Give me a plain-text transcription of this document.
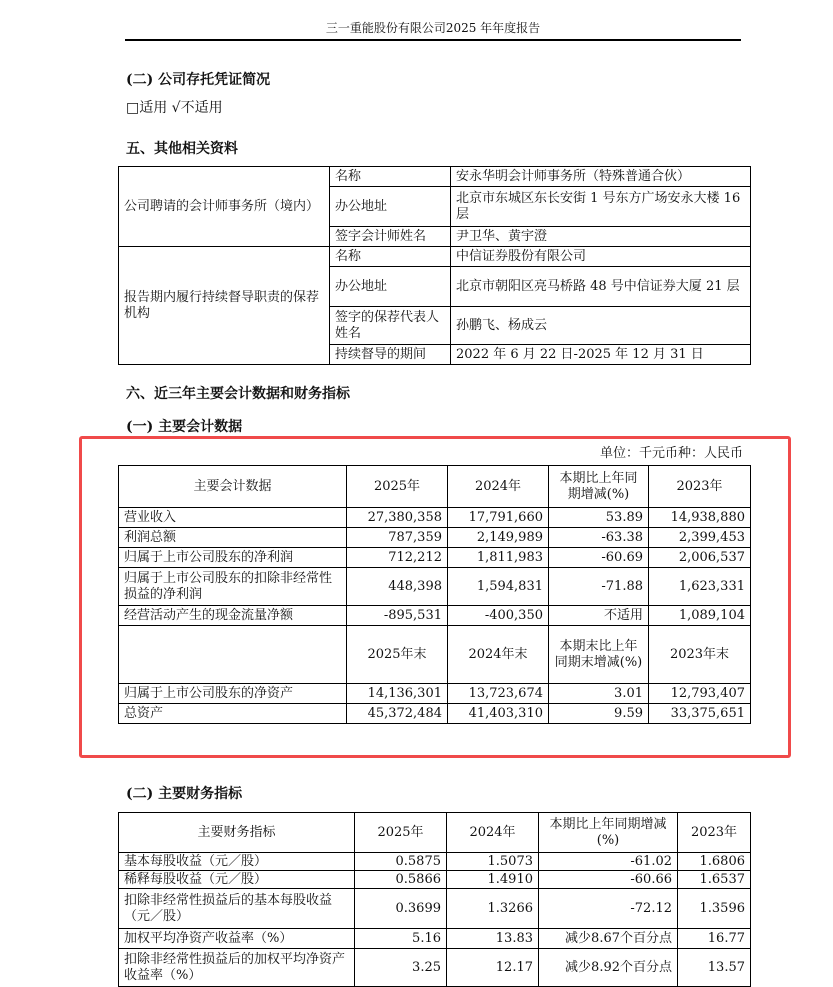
三一重能股份有限公司2025 年年度报告
(二) 公司存托凭证简况
□适用 √不适用
五、其他相关资料
公司聘请的会计师事务所（境内）	名称	安永华明会计师事务所（特殊普通合伙）
	办公地址	北京市东城区东长安街 1 号东方广场安永大楼 16 层
	签字会计师姓名	尹卫华、黄宇澄
报告期内履行持续督导职责的保荐机构	名称	中信证券股份有限公司
	办公地址	北京市朝阳区亮马桥路 48 号中信证券大厦 21 层
	签字的保荐代表人姓名	孙鹏飞、杨成云
	持续督导的期间	2022 年 6 月 22 日-2025 年 12 月 31 日
六、近三年主要会计数据和财务指标
(一) 主要会计数据
单位：千元币种：人民币
主要会计数据	2025年	2024年	本期比上年同期增减(%)	2023年
营业收入	27,380,358	17,791,660	53.89	14,938,880
利润总额	787,359	2,149,989	-63.38	2,399,453
归属于上市公司股东的净利润	712,212	1,811,983	-60.69	2,006,537
归属于上市公司股东的扣除非经常性损益的净利润	448,398	1,594,831	-71.88	1,623,331
经营活动产生的现金流量净额	-895,531	-400,350	不适用	1,089,104
	2025年末	2024年末	本期末比上年同期末增减(%)	2023年末
归属于上市公司股东的净资产	14,136,301	13,723,674	3.01	12,793,407
总资产	45,372,484	41,403,310	9.59	33,375,651
(二) 主要财务指标
主要财务指标	2025年	2024年	本期比上年同期增减(%)	2023年
基本每股收益（元／股）	0.5875	1.5073	-61.02	1.6806
稀释每股收益（元／股）	0.5866	1.4910	-60.66	1.6537
扣除非经常性损益后的基本每股收益（元／股）	0.3699	1.3266	-72.12	1.3596
加权平均净资产收益率（%）	5.16	13.83	减少8.67个百分点	16.77
扣除非经常性损益后的加权平均净资产收益率（%）	3.25	12.17	减少8.92个百分点	13.57
